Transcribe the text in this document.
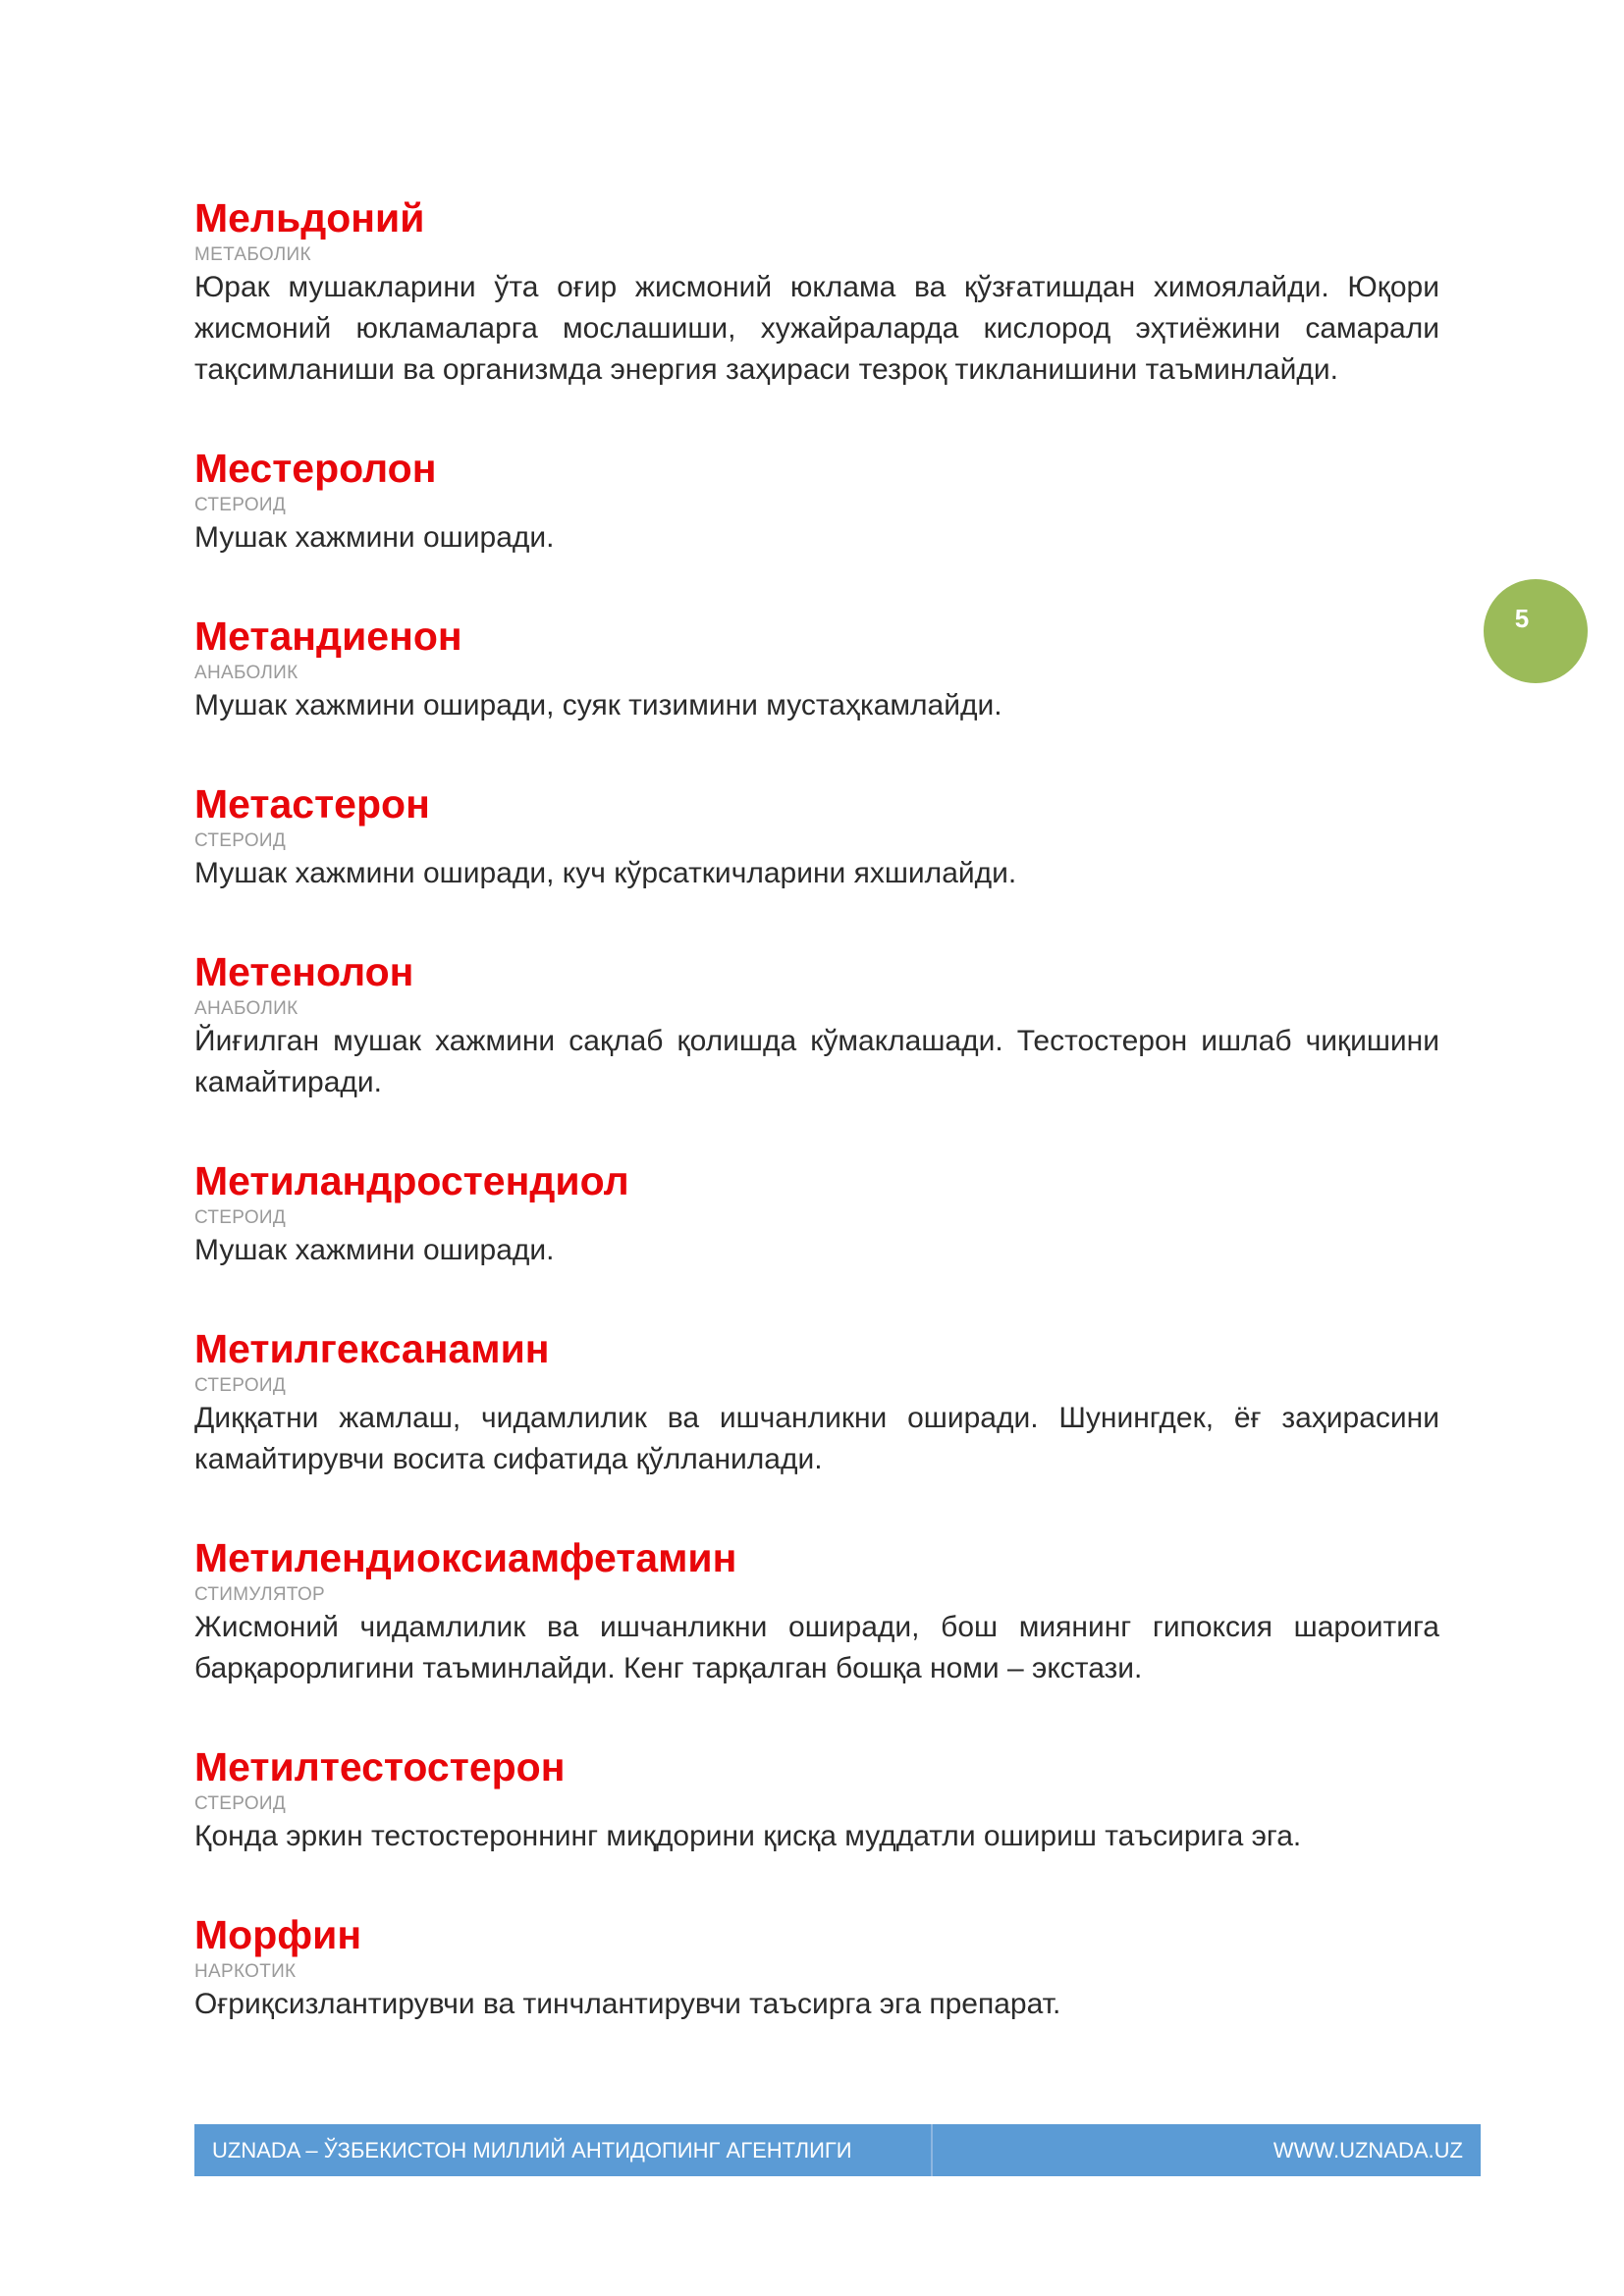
Мельдоний
МЕТАБОЛИК

Юрак мушакларини ўта оғир жисмоний юклама ва қўзғатишдан химоялайди. Юқори жисмоний юкламаларга мослашиши, хужайраларда кислород эҳтиёжини самарали тақсимланиши ва организмда энергия заҳираси тезроқ тикланишини таъминлайди.

Местеролон
СТЕРОИД

Мушак хажмини оширади.

Метандиенон
АНАБОЛИК

Мушак хажмини оширади, суяк тизимини мустаҳкамлайди.

Метастерон
СТЕРОИД

Мушак хажмини оширади, куч кўрсаткичларини яхшилайди.

Метенолон
АНАБОЛИК

Йиғилган мушак хажмини сақлаб қолишда кўмаклашади. Тестостерон ишлаб чиқишини камайтиради.

Метиландростендиол
СТЕРОИД

Мушак хажмини оширади.

Метилгексанамин
СТЕРОИД

Диққатни жамлаш, чидамлилик ва ишчанликни оширади. Шунингдек, ёғ заҳирасини камайтирувчи восита сифатида қўлланилади.

Метилендиоксиамфетамин
СТИМУЛЯТОР

Жисмоний чидамлилик ва ишчанликни оширади, бош миянинг гипоксия шароитига барқарорлигини таъминлайди. Кенг тарқалган бошқа номи – экстази.

Метилтестостерон
СТЕРОИД

Қонда эркин тестостероннинг миқдорини қисқа муддатли ошириш таъсирига эга.

Морфин
НАРКОТИК

Оғриқсизлантирувчи ва тинчлантирувчи таъсирга эга препарат.

5
UZNADA – ЎЗБЕКИСТОН МИЛЛИЙ АНТИДОПИНГ АГЕНТЛИГИ	WWW.UZNADA.UZ
